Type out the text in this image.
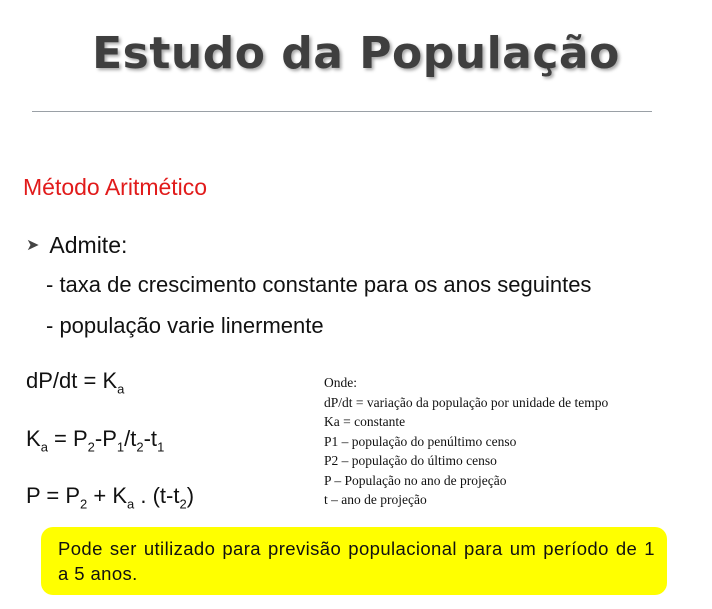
Estudo da População
Método Aritmético
➤ Admite:
- taxa de crescimento constante para os anos seguintes
- população varie linermente
$dP/dt = K_a$
$K_a = P_2-P_1/t_2-t_1$
$P = P_2 + K_a$ . $(t-t_2)$
Onde:
dP/dt = variação da população por unidade de tempo
Ka = constante
P1 – população do penúltimo censo
P2 – população do último censo
P – População no ano de projeção
t – ano de projeção
Pode ser utilizado para previsão populacional para um período de 1 a 5 anos.
